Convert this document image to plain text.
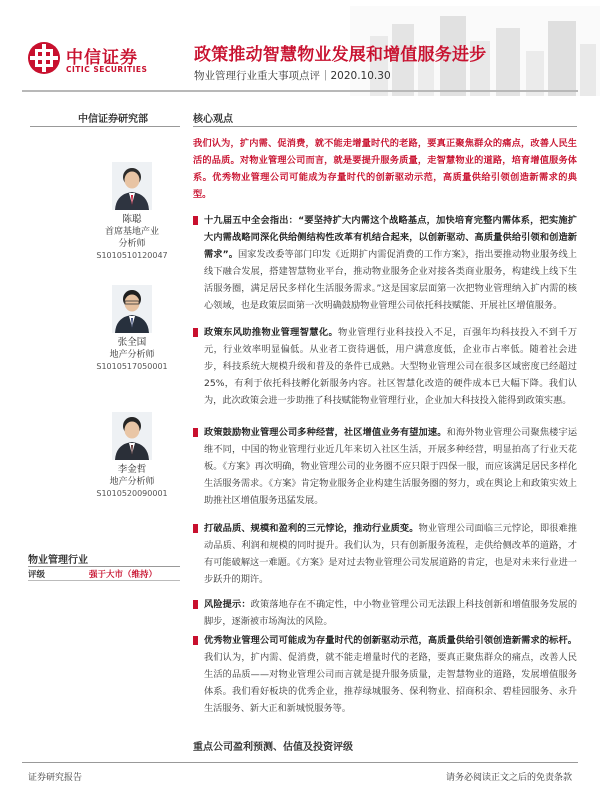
中信证券
CITIC SECURITIES
政策推动智慧物业发展和增值服务进步
物业管理行业重大事项点评｜2020.10.30
中信证券研究部
陈聪
首席基地产业
分析师
S1010510120047
张全国
地产分析师
S1010517050001
李金哲
地产分析师
S1010520090001
物业管理行业
评级	强于大市（维持）
核心观点
我们认为，扩内需、促消费，就不能走增量时代的老路，要真正聚焦群众的痛点，改善人民生活的品质。对物业管理公司而言，就是要提升服务质量，走智慧物业的道路，培育增值服务体系。优秀物业管理公司可能成为存量时代的创新驱动示范，高质量供给引领创造新需求的典型。
十九届五中全会指出：“要坚持扩大内需这个战略基点，加快培育完整内需体系，把实施扩大内需战略同深化供给侧结构性改革有机结合起来，以创新驱动、高质量供给引领和创造新需求”。国家发改委等部门印发《近期扩内需促消费的工作方案》，指出要推动物业服务线上线下融合发展，搭建智慧物业平台，推动物业服务企业对接各类商业服务，构建线上线下生活服务圈，满足居民多样化生活服务需求。”这是国家层面第一次把物业管理纳入扩内需的核心领域，也是政策层面第一次明确鼓励物业管理公司依托科技赋能、开展社区增值服务。
政策东风助推物业管理智慧化。物业管理行业科技投入不足，百强年均科技投入不到千万元，行业效率明显偏低。从业者工资待遇低，用户满意度低，企业市占率低。随着社会进步，科技系统大规模升级和普及的条件已成熟。大型物业管理公司在很多区域密度已经超过 25%，有利于依托科技孵化新服务内容。社区智慧化改造的硬件成本已大幅下降。我们认为，此次政策会进一步助推了科技赋能物业管理行业，企业加大科技投入能得到政策实惠。
政策鼓励物业管理公司多种经营，社区增值业务有望加速。和海外物业管理公司聚焦楼宇运维不同，中国的物业管理行业近几年来切入社区生活，开展多种经营，明显拍高了行业天花板。《方案》再次明确，物业管理公司的业务圈不应只限于四保一服，而应该满足居民多样化生活服务需求。《方案》肯定物业服务企业构建生活服务圈的努力，或在舆论上和政策实效上助推社区增值服务迅猛发展。
打破品质、规模和盈利的三元悖论，推动行业质变。物业管理公司面临三元悖论，即很难推动品质、利润和规模的同时提升。我们认为，只有创新服务流程，走供给侧改革的道路，才有可能破解这一难题。《方案》是对过去物业管理公司发展道路的肯定，也是对未来行业进一步跃升的期许。
风险提示：政策落地存在不确定性，中小物业管理公司无法跟上科技创新和增值服务发展的脚步，逐渐被市场淘汰的风险。
优秀物业管理公司可能成为存量时代的创新驱动示范，高质量供给引领创造新需求的标杆。我们认为，扩内需、促消费，就不能走增量时代的老路，要真正聚焦群众的痛点，改善人民生活的品质——对物业管理公司而言就是提升服务质量，走智慧物业的道路，发展增值服务体系。我们看好板块的优秀企业，推荐绿城服务、保利物业、招商积余、碧桂园服务、永升生活服务、新大正和新城悦服务等。
重点公司盈利预测、估值及投资评级
证券研究报告	请务必阅读正文之后的免责条款
